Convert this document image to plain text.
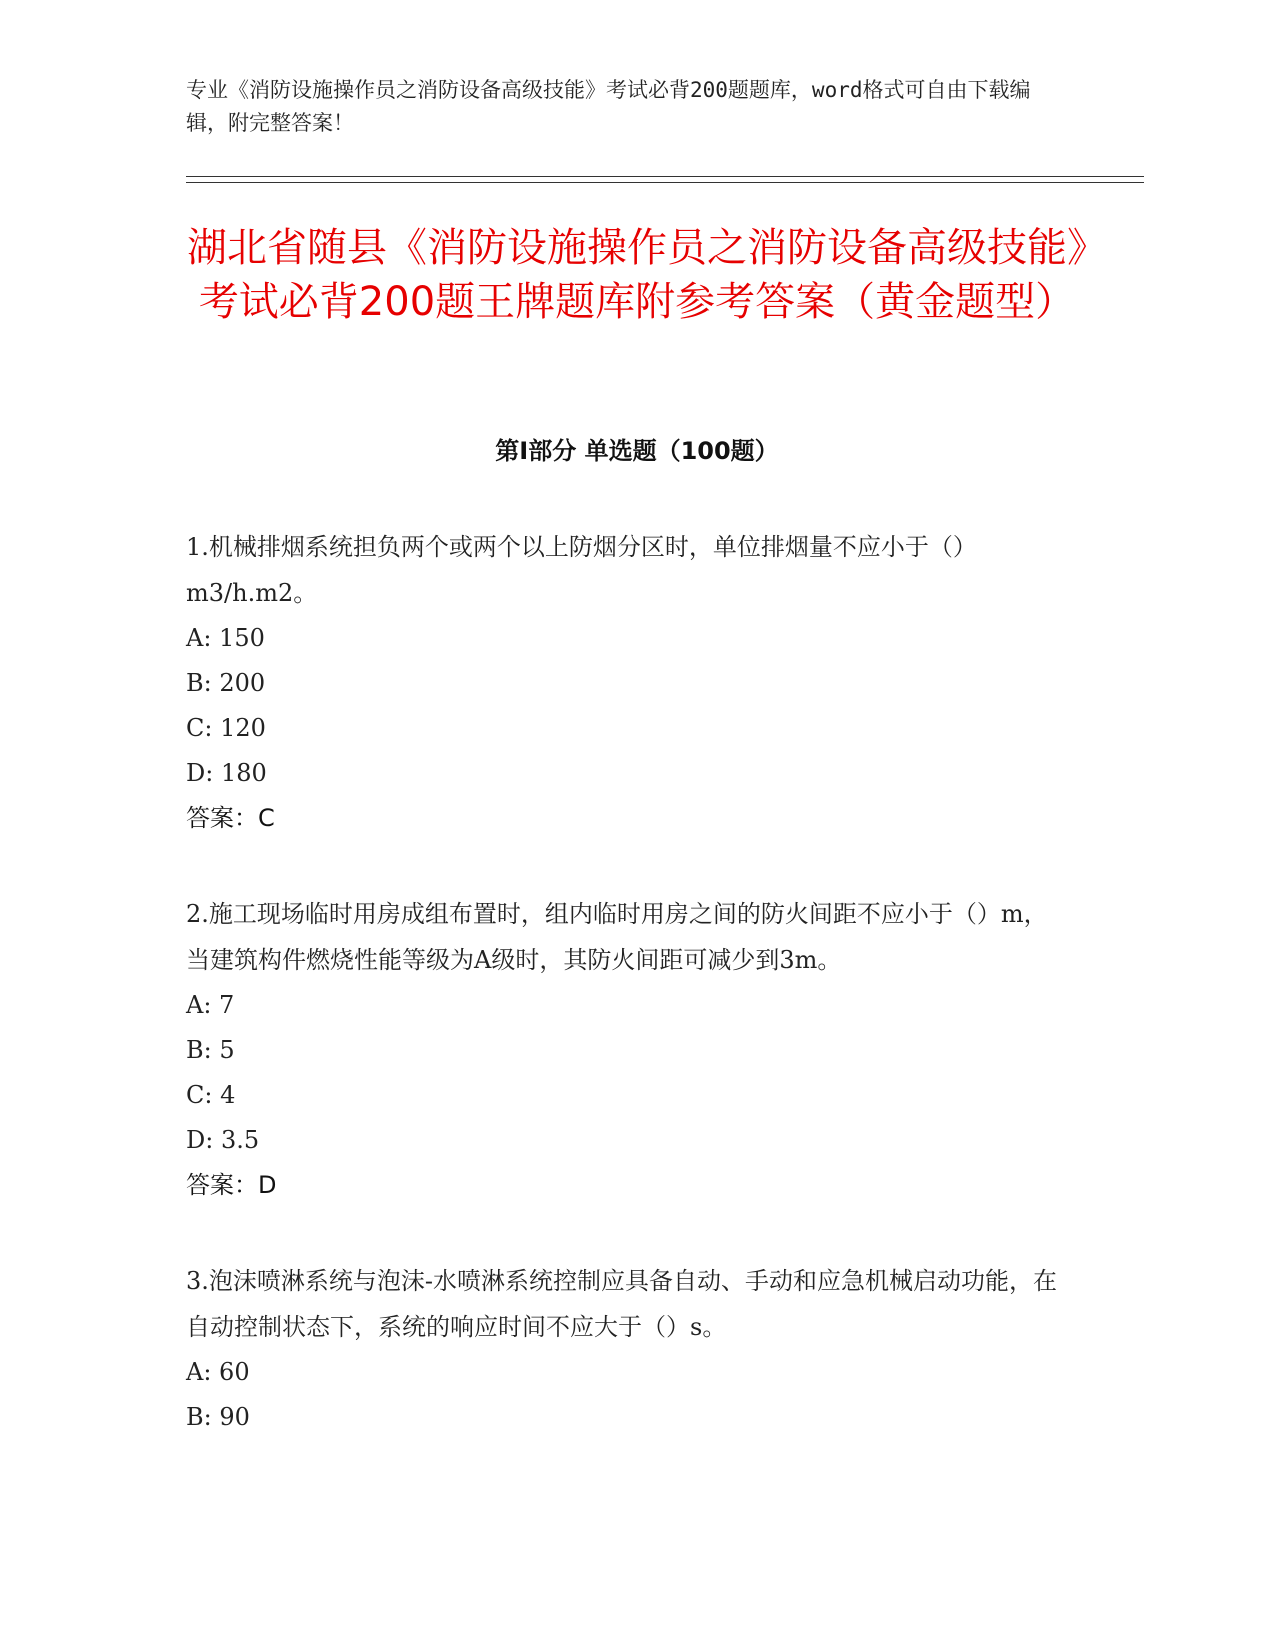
专业《消防设施操作员之消防设备高级技能》考试必背200题题库，word格式可自由下载编辑，附完整答案！
湖北省随县《消防设施操作员之消防设备高级技能》考试必背200题王牌题库附参考答案（黄金题型）
第Ⅰ部分 单选题（100题）

1.机械排烟系统担负两个或两个以上防烟分区时，单位排烟量不应小于（）m3/h.m2。

A: 150

B: 200

C: 120

D: 180

答案：C

2.施工现场临时用房成组布置时，组内临时用房之间的防火间距不应小于（）m，当建筑构件燃烧性能等级为A级时，其防火间距可减少到3m。

A: 7

B: 5

C: 4

D: 3.5

答案：D

3.泡沫喷淋系统与泡沫-水喷淋系统控制应具备自动、手动和应急机械启动功能，在自动控制状态下，系统的响应时间不应大于（）s。

A: 60

B: 90
